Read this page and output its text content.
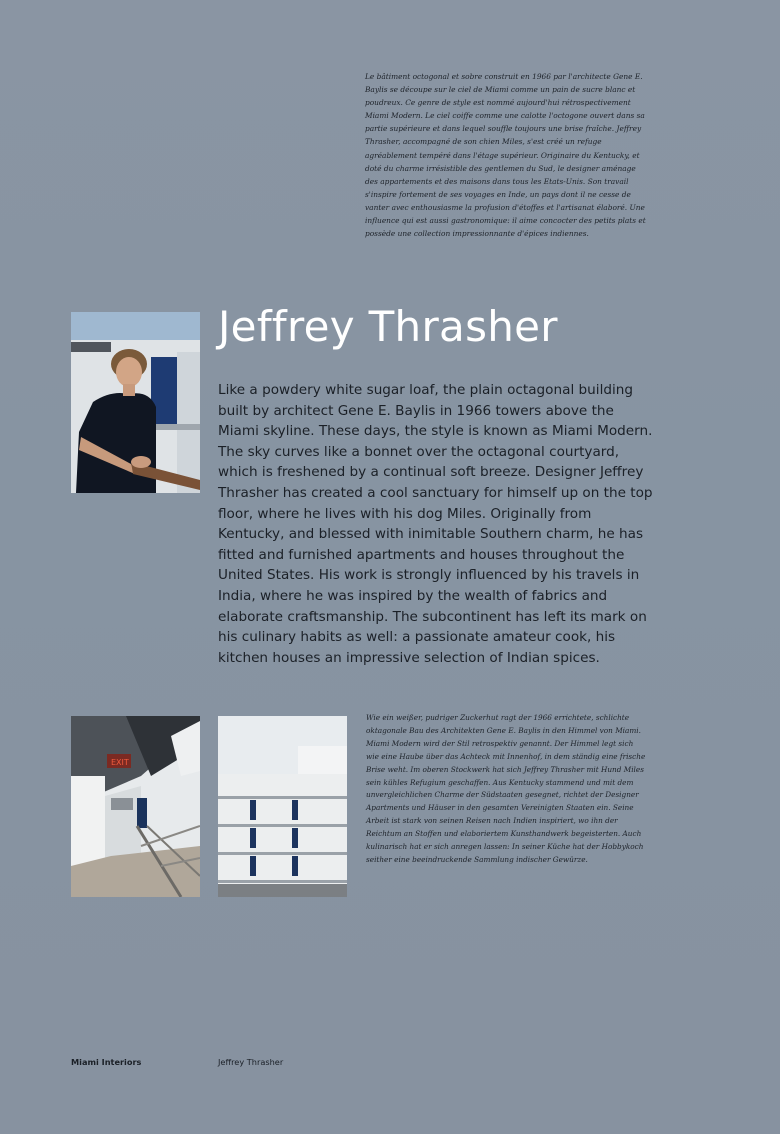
Le bâtiment octogonal et sobre construit en 1966 par l'architecte Gene E. Baylis se découpe sur le ciel de Miami comme un pain de sucre blanc et poudreux. Ce genre de style est nommé aujourd'hui rétrospectivement Miami Modern. Le ciel coiffe comme une calotte l'octogone ouvert dans sa partie supérieure et dans lequel souffle toujours une brise fraîche. Jeffrey Thrasher, accompagné de son chien Miles, s'est créé un refuge agréablement tempéré dans l'étage supérieur. Originaire du Kentucky, et doté du charme irrésistible des gentlemen du Sud, le designer aménage des appartements et des maisons dans tous les Etats-Unis. Son travail s'inspire fortement de ses voyages en Inde, un pays dont il ne cesse de vanter avec enthousiasme la profusion d'étoffes et l'artisanat élaboré. Une influence qui est aussi gastronomique: il aime concocter des petits plats et possède une collection impressionnante d'épices indiennes.

Jeffrey Thrasher

Like a powdery white sugar loaf, the plain octagonal building built by architect Gene E. Baylis in 1966 towers above the Miami skyline. These days, the style is known as Miami Modern. The sky curves like a bonnet over the octagonal courtyard, which is freshened by a continual soft breeze. Designer Jeffrey Thrasher has created a cool sanctuary for himself up on the top floor, where he lives with his dog Miles. Originally from Kentucky, and blessed with inimitable Southern charm, he has fitted and furnished apartments and houses throughout the United States. His work is strongly influenced by his travels in India, where he was inspired by the wealth of fabrics and elaborate craftsmanship. The subcontinent has left its mark on his culinary habits as well: a passionate amateur cook, his kitchen houses an impressive selection of Indian spices.

EXIT

Wie ein weißer, pudriger Zuckerhut ragt der 1966 errichtete, schlichte oktagonale Bau des Architekten Gene E. Baylis in den Himmel von Miami. Miami Modern wird der Stil retrospektiv genannt. Der Himmel legt sich wie eine Haube über das Achteck mit Innenhof, in dem ständig eine frische Brise weht. Im oberen Stockwerk hat sich Jeffrey Thrasher mit Hund Miles sein kühles Refugium geschaffen. Aus Kentucky stammend und mit dem unvergleichlichen Charme der Südstaaten gesegnet, richtet der Designer Apartments und Häuser in den gesamten Vereinigten Staaten ein. Seine Arbeit ist stark von seinen Reisen nach Indien inspiriert, wo ihn der Reichtum an Stoffen und elaboriertem Kunsthandwerk begeisterten. Auch kulinarisch hat er sich anregen lassen: In seiner Küche hat der Hobbykoch seither eine beeindruckende Sammlung indischer Gewürze.

Miami Interiors	Jeffrey Thrasher
